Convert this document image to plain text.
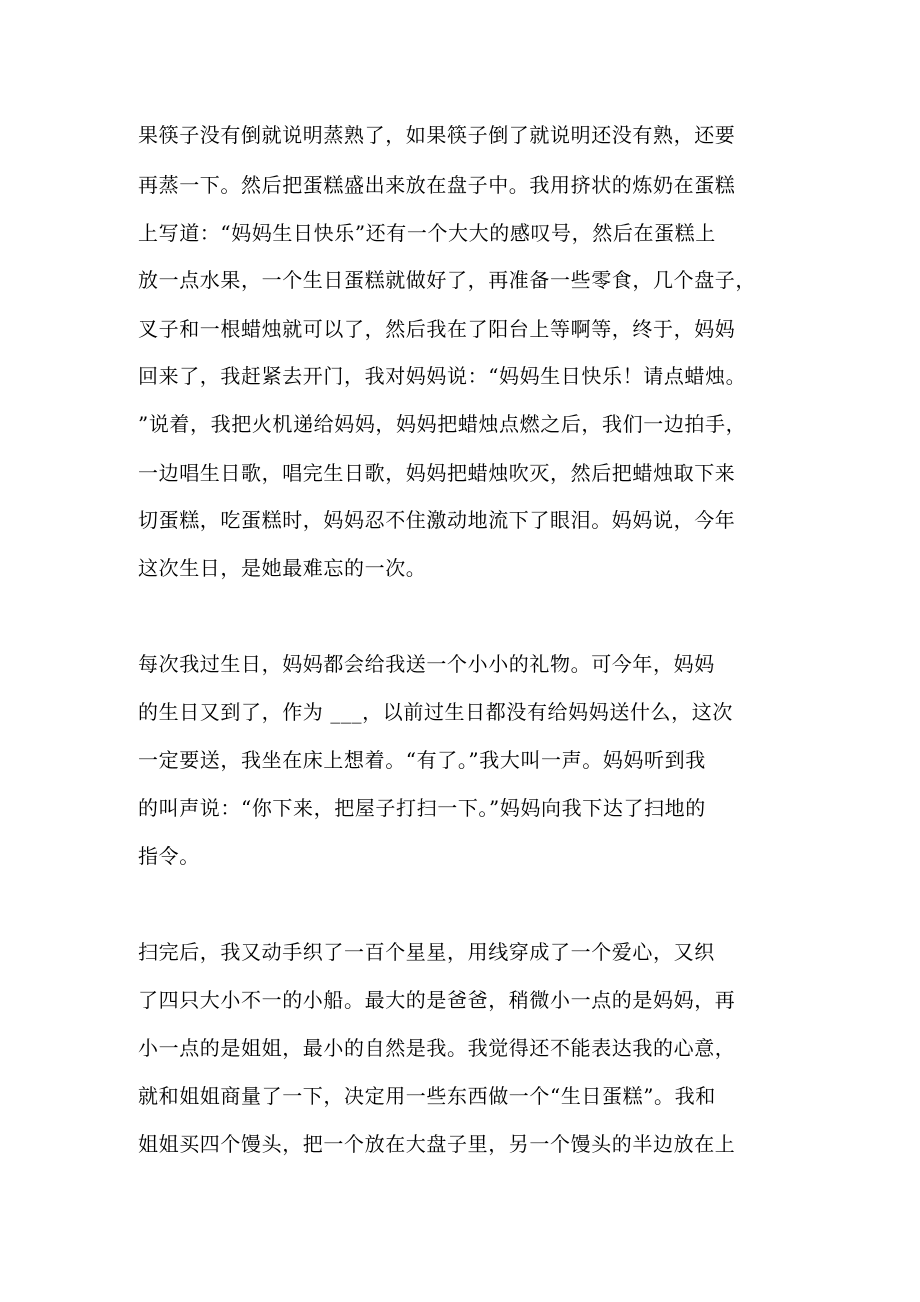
果筷子没有倒就说明蒸熟了，如果筷子倒了就说明还没有熟，还要
再蒸一下。然后把蛋糕盛出来放在盘子中。我用挤状的炼奶在蛋糕
上写道：“妈妈生日快乐”还有一个大大的感叹号，然后在蛋糕上
放一点水果，一个生日蛋糕就做好了，再准备一些零食，几个盘子，
叉子和一根蜡烛就可以了，然后我在了阳台上等啊等，终于，妈妈
回来了，我赶紧去开门，我对妈妈说：“妈妈生日快乐！请点蜡烛。
”说着，我把火机递给妈妈，妈妈把蜡烛点燃之后，我们一边拍手，
一边唱生日歌，唱完生日歌，妈妈把蜡烛吹灭，然后把蜡烛取下来
切蛋糕，吃蛋糕时，妈妈忍不住激动地流下了眼泪。妈妈说，今年
这次生日，是她最难忘的一次。
每次我过生日，妈妈都会给我送一个小小的礼物。可今年，妈妈
的生日又到了，作为 ___，以前过生日都没有给妈妈送什么，这次
一定要送，我坐在床上想着。“有了。”我大叫一声。妈妈听到我
的叫声说：“你下来，把屋子打扫一下。”妈妈向我下达了扫地的
指令。
扫完后，我又动手织了一百个星星，用线穿成了一个爱心，又织
了四只大小不一的小船。最大的是爸爸，稍微小一点的是妈妈，再
小一点的是姐姐，最小的自然是我。我觉得还不能表达我的心意，
就和姐姐商量了一下，决定用一些东西做一个“生日蛋糕”。我和
姐姐买四个馒头，把一个放在大盘子里，另一个馒头的半边放在上
